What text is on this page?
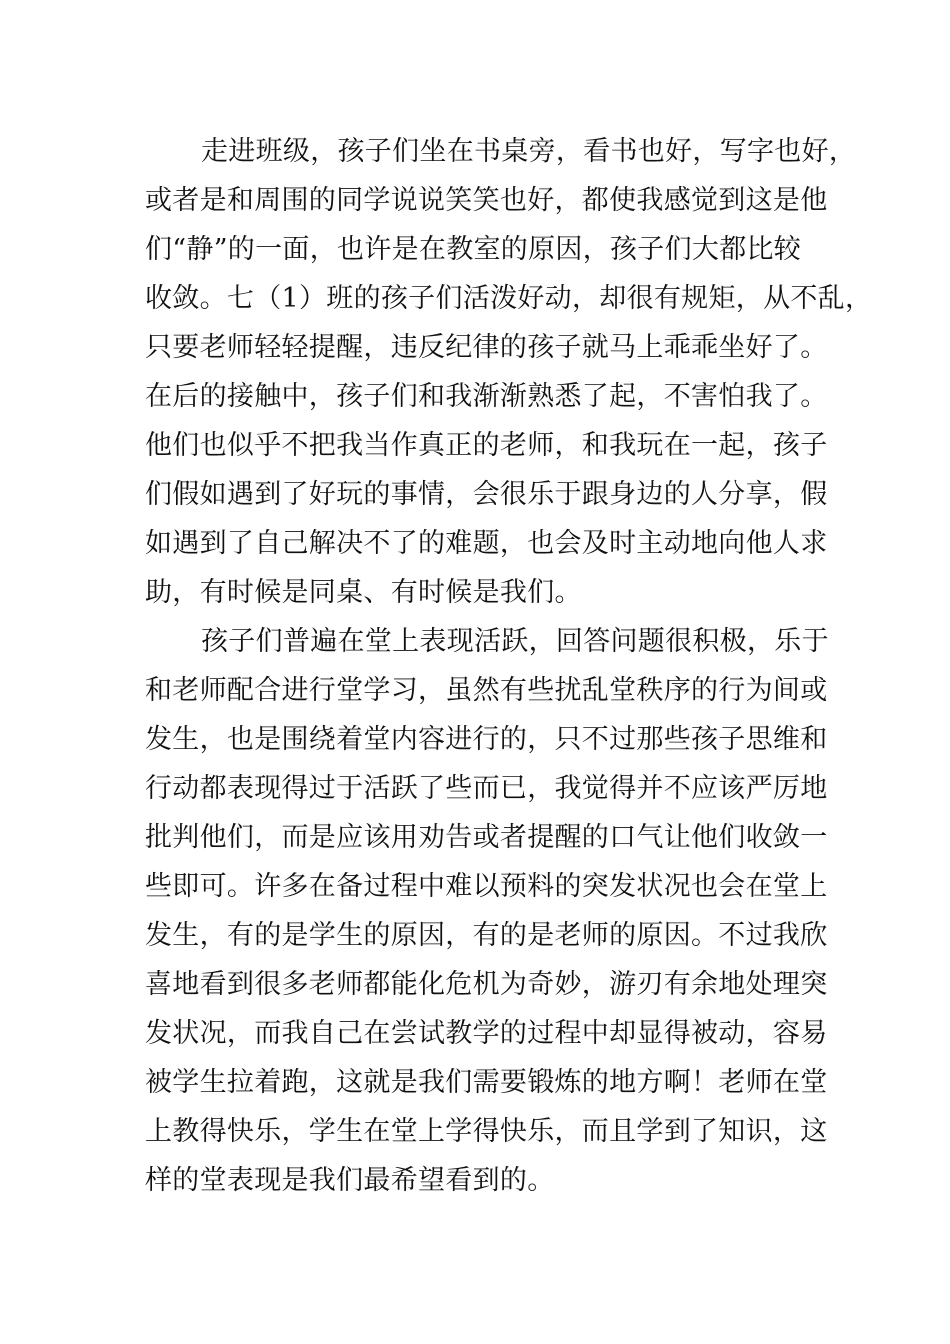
走进班级，孩子们坐在书桌旁，看书也好，写字也好，
或者是和周围的同学说说笑笑也好，都使我感觉到这是他
们“静”的一面，也许是在教室的原因，孩子们大都比较
收敛。七（1）班的孩子们活泼好动，却很有规矩，从不乱，
只要老师轻轻提醒，违反纪律的孩子就马上乖乖坐好了。
在后的接触中，孩子们和我渐渐熟悉了起，不害怕我了。
他们也似乎不把我当作真正的老师，和我玩在一起，孩子
们假如遇到了好玩的事情，会很乐于跟身边的人分享，假
如遇到了自己解决不了的难题，也会及时主动地向他人求
助，有时候是同桌、有时候是我们。
孩子们普遍在堂上表现活跃，回答问题很积极，乐于
和老师配合进行堂学习，虽然有些扰乱堂秩序的行为间或
发生，也是围绕着堂内容进行的，只不过那些孩子思维和
行动都表现得过于活跃了些而已，我觉得并不应该严厉地
批判他们，而是应该用劝告或者提醒的口气让他们收敛一
些即可。许多在备过程中难以预料的突发状况也会在堂上
发生，有的是学生的原因，有的是老师的原因。不过我欣
喜地看到很多老师都能化危机为奇妙，游刃有余地处理突
发状况，而我自己在尝试教学的过程中却显得被动，容易
被学生拉着跑，这就是我们需要锻炼的地方啊！老师在堂
上教得快乐，学生在堂上学得快乐，而且学到了知识，这
样的堂表现是我们最希望看到的。
